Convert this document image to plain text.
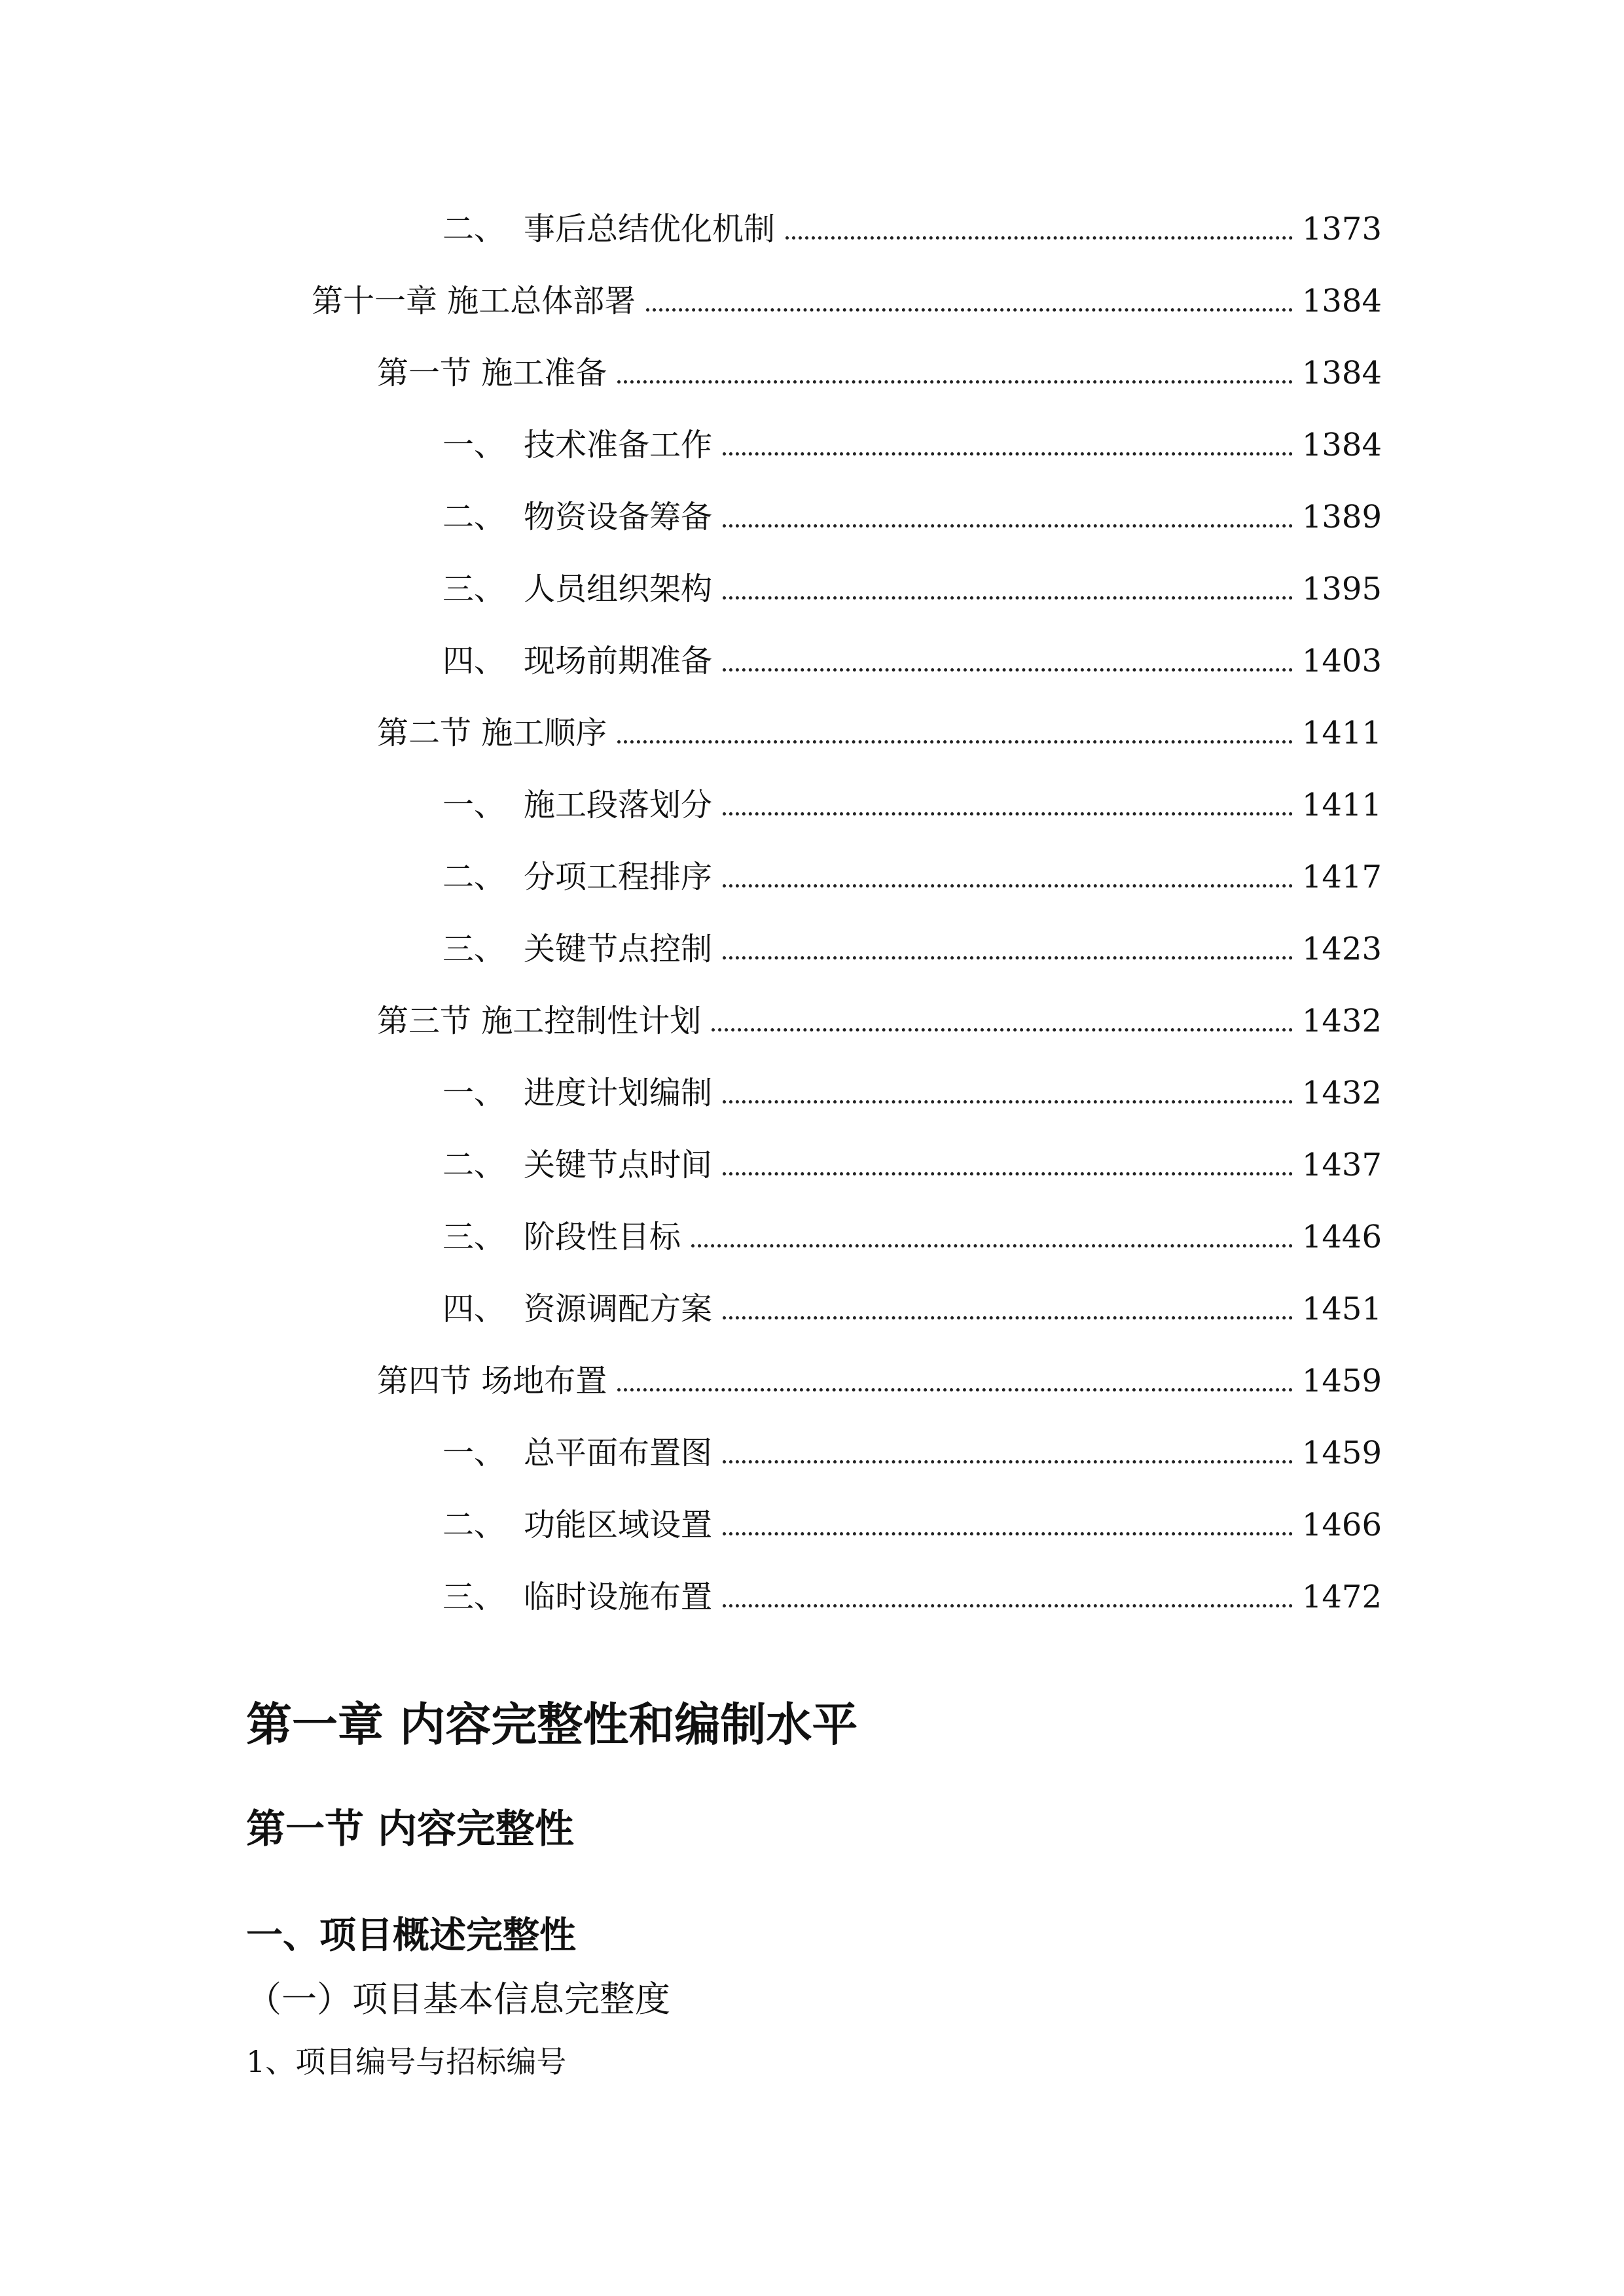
二、 事后总结优化机制	1373
第十一章 施工总体部署	1384
第一节 施工准备	1384
一、 技术准备工作	1384
二、 物资设备筹备	1389
三、 人员组织架构	1395
四、 现场前期准备	1403
第二节 施工顺序	1411
一、 施工段落划分	1411
二、 分项工程排序	1417
三、 关键节点控制	1423
第三节 施工控制性计划	1432
一、 进度计划编制	1432
二、 关键节点时间	1437
三、 阶段性目标	1446
四、 资源调配方案	1451
第四节 场地布置	1459
一、 总平面布置图	1459
二、 功能区域设置	1466
三、 临时设施布置	1472
第一章 内容完整性和编制水平
第一节 内容完整性
一、项目概述完整性
（一）项目基本信息完整度
1、项目编号与招标编号
